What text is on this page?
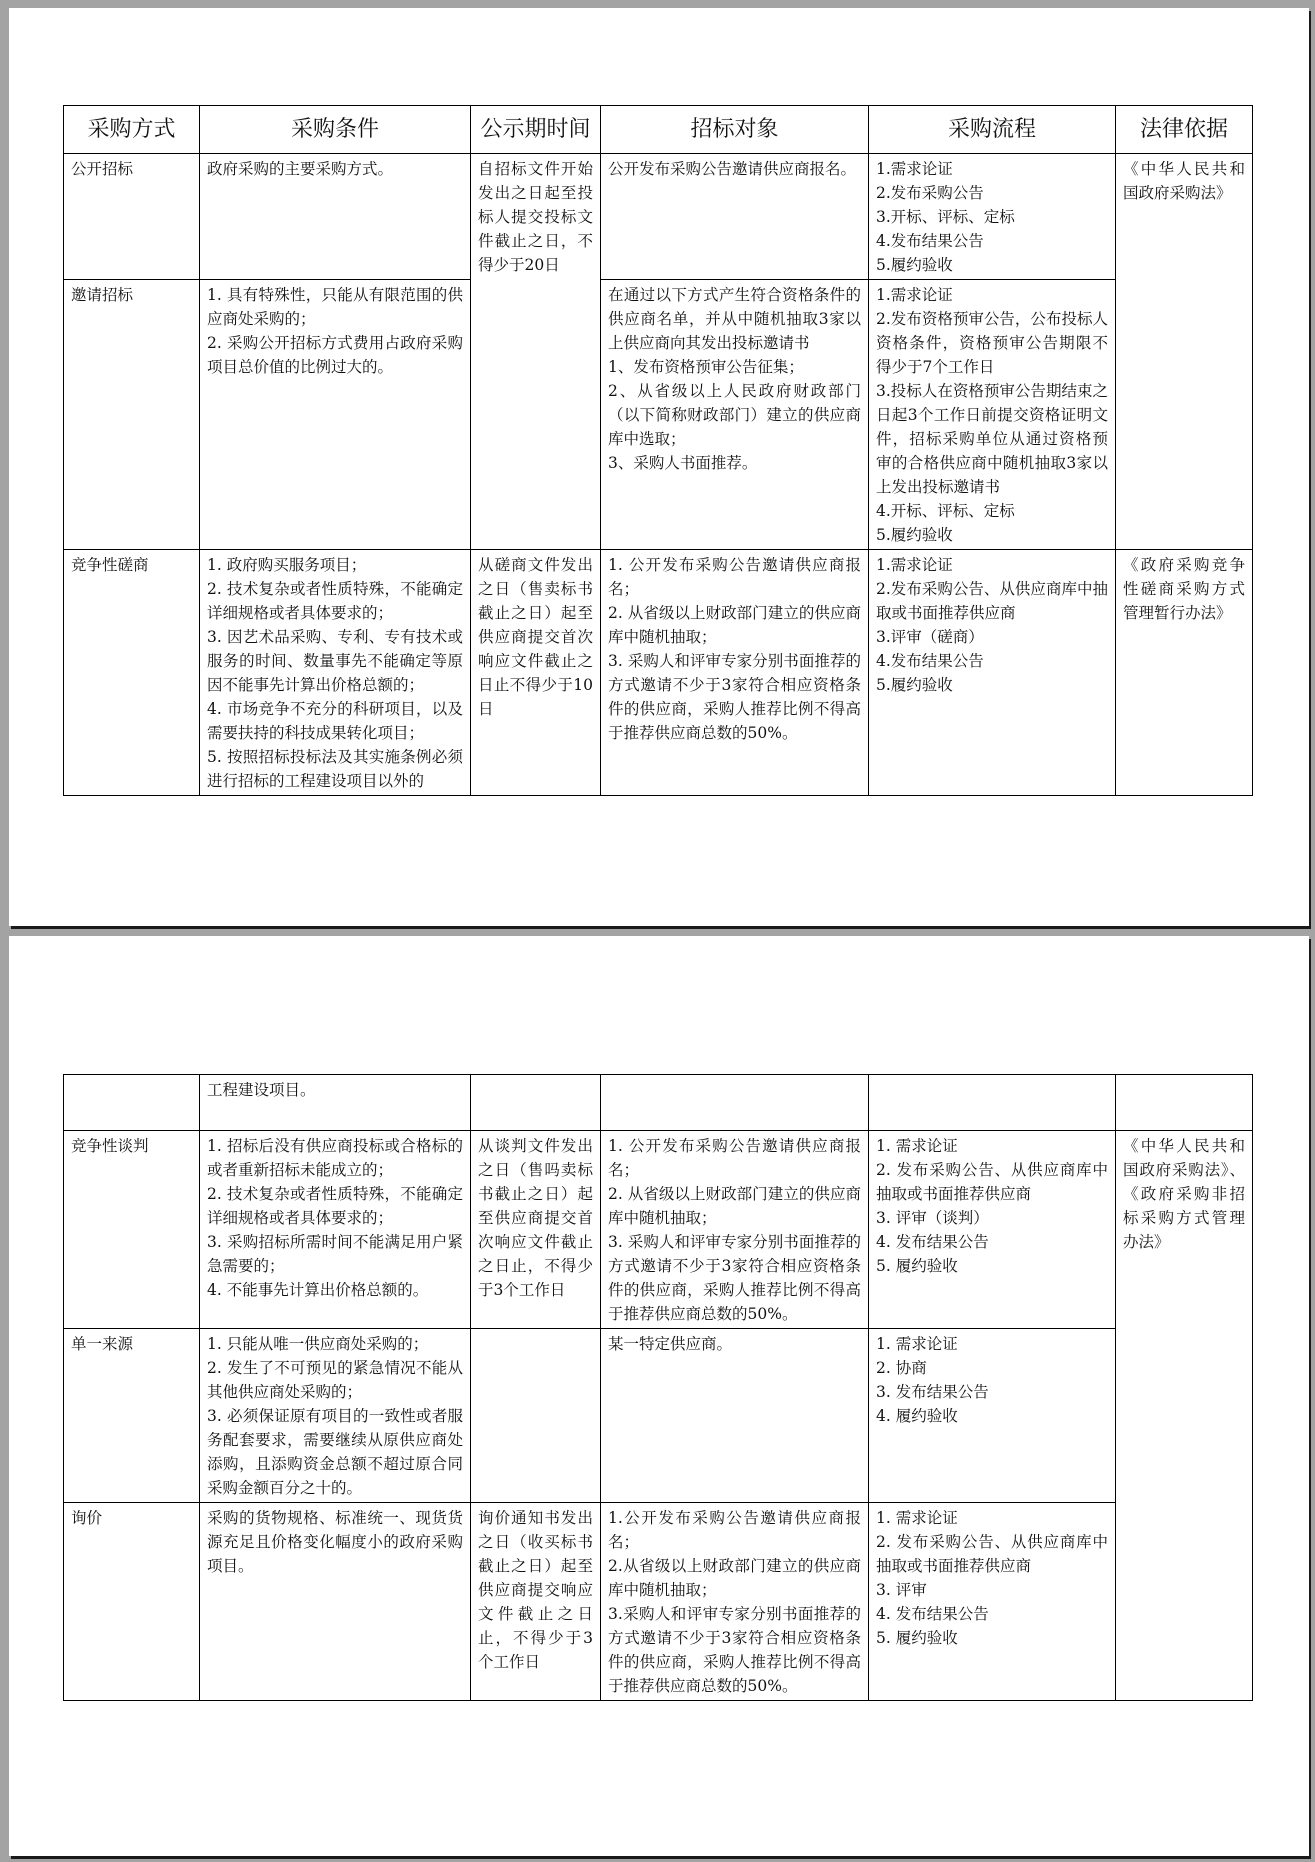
采购方式	采购条件	公示期时间	招标对象	采购流程	法律依据
公开招标	政府采购的主要采购方式。	自招标文件开始发出之日起至投标人提交投标文件截止之日，不得少于20日	公开发布采购公告邀请供应商报名。	1.需求论证
2.发布采购公告
3.开标、评标、定标
4.发布结果公告
5.履约验收	《中华人民共和国政府采购法》
邀请招标	1. 具有特殊性，只能从有限范围的供应商处采购的；
2. 采购公开招标方式费用占政府采购项目总价值的比例过大的。		在通过以下方式产生符合资格条件的供应商名单，并从中随机抽取3家以上供应商向其发出投标邀请书
1、发布资格预审公告征集；
2、从省级以上人民政府财政部门（以下简称财政部门）建立的供应商库中选取；
3、采购人书面推荐。	1.需求论证
2.发布资格预审公告，公布投标人资格条件，资格预审公告期限不得少于7个工作日
3.投标人在资格预审公告期结束之日起3个工作日前提交资格证明文件，招标采购单位从通过资格预审的合格供应商中随机抽取3家以上发出投标邀请书
4.开标、评标、定标
5.履约验收	

竞争性磋商	1. 政府购买服务项目；
2. 技术复杂或者性质特殊，不能确定详细规格或者具体要求的；
3. 因艺术品采购、专利、专有技术或服务的时间、数量事先不能确定等原因不能事先计算出价格总额的；
4. 市场竞争不充分的科研项目，以及需要扶持的科技成果转化项目；
5. 按照招标投标法及其实施条例必须进行招标的工程建设项目以外的	从磋商文件发出之日（售卖标书截止之日）起至供应商提交首次响应文件截止之日止不得少于10日	1. 公开发布采购公告邀请供应商报名；
2. 从省级以上财政部门建立的供应商库中随机抽取；
3. 采购人和评审专家分别书面推荐的方式邀请不少于3家符合相应资格条件的供应商，采购人推荐比例不得高于推荐供应商总数的50%。	1.需求论证
2.发布采购公告、从供应商库中抽取或书面推荐供应商
3.评审（磋商）
4.发布结果公告
5.履约验收	《政府采购竞争性磋商采购方式管理暂行办法》
	工程建设项目。				
竞争性谈判	1. 招标后没有供应商投标或合格标的或者重新招标未能成立的；
2. 技术复杂或者性质特殊，不能确定详细规格或者具体要求的；
3. 采购招标所需时间不能满足用户紧急需要的；
4. 不能事先计算出价格总额的。	从谈判文件发出之日（售吗卖标书截止之日）起至供应商提交首次响应文件截止之日止，不得少于3个工作日	1. 公开发布采购公告邀请供应商报名；
2. 从省级以上财政部门建立的供应商库中随机抽取；
3. 采购人和评审专家分别书面推荐的方式邀请不少于3家符合相应资格条件的供应商，采购人推荐比例不得高于推荐供应商总数的50%。	1. 需求论证
2. 发布采购公告、从供应商库中抽取或书面推荐供应商
3. 评审（谈判）
4. 发布结果公告
5. 履约验收	《中华人民共和国政府采购法》、《政府采购非招标采购方式管理办法》
单一来源	1. 只能从唯一供应商处采购的；
2. 发生了不可预见的紧急情况不能从其他供应商处采购的；
3. 必须保证原有项目的一致性或者服务配套要求，需要继续从原供应商处添购，且添购资金总额不超过原合同采购金额百分之十的。		某一特定供应商。	1. 需求论证
2. 协商
3. 发布结果公告
4. 履约验收	

询价	采购的货物规格、标准统一、现货货源充足且价格变化幅度小的政府采购项目。	询价通知书发出之日（收买标书截止之日）起至供应商提交响应文件截止之日止，不得少于3个工作日	1.公开发布采购公告邀请供应商报名；
2.从省级以上财政部门建立的供应商库中随机抽取；
3.采购人和评审专家分别书面推荐的方式邀请不少于3家符合相应资格条件的供应商，采购人推荐比例不得高于推荐供应商总数的50%。	1. 需求论证
2. 发布采购公告、从供应商库中抽取或书面推荐供应商
3. 评审
4. 发布结果公告
5. 履约验收	
